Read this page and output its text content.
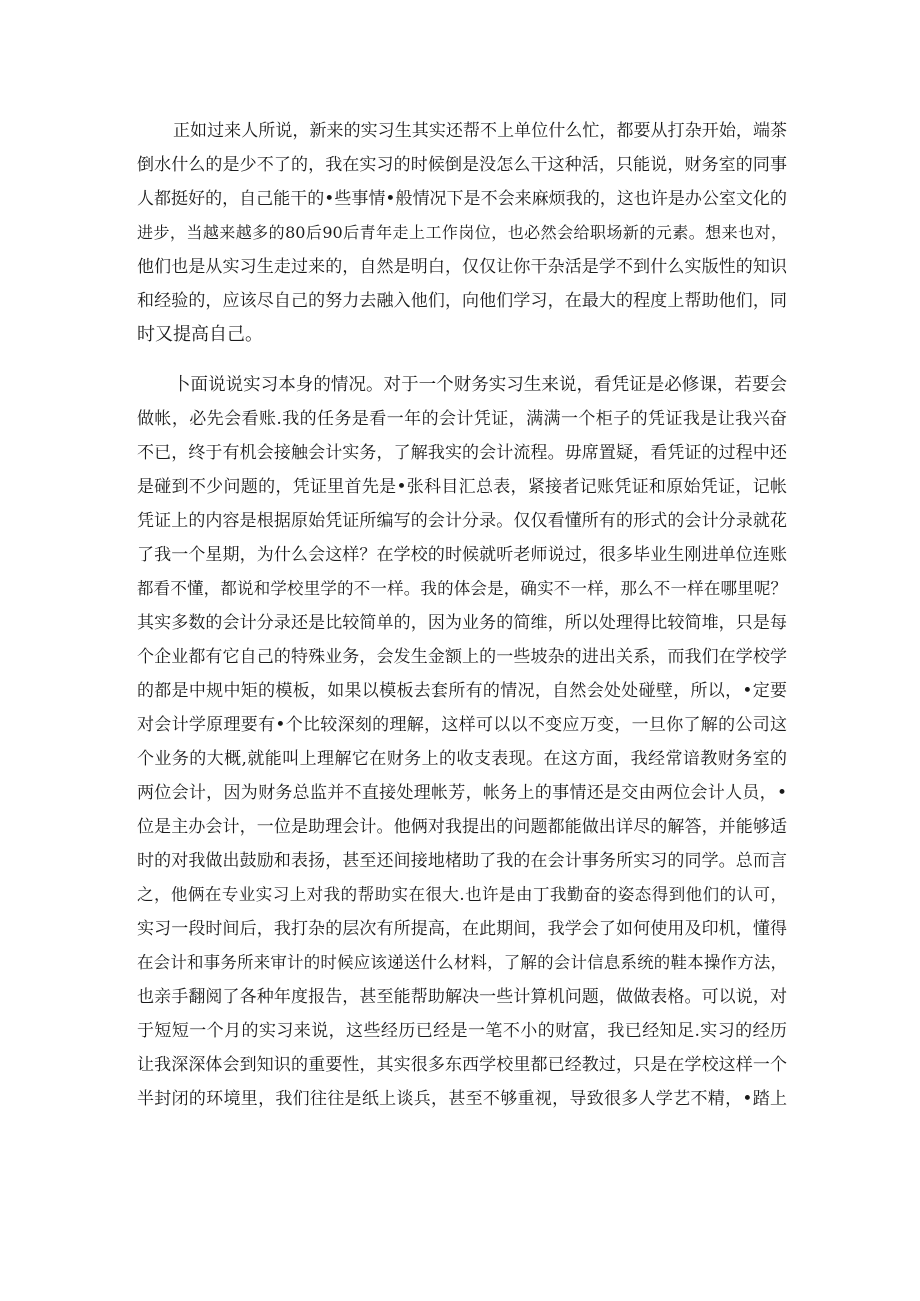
正如过来人所说，新来的实习生其实还帮不上单位什么忙，都要从打杂开始，端茶
倒水什么的是少不了的，我在实习的时候倒是没怎么干这种活，只能说，财务室的同事
人都挺好的，自己能干的•些事情•般情况下是不会来麻烦我的，这也许是办公室文化的
进步，当越来越多的80后90后青年走上工作岗位，也必然会给职场新的元素。想来也对，
他们也是从实习生走过来的，自然是明白，仅仅让你干杂活是学不到什么实版性的知识
和经验的，应该尽自己的努力去融入他们，向他们学习，在最大的程度上帮助他们，同
时又提高自己。
卜面说说实习本身的情况。对于一个财务实习生来说，看凭证是必修课，若要会
做帐，必先会看账.我的任务是看一年的会计凭证，满满一个柜子的凭证我是让我兴奋
不已，终于有机会接触会计实务，了解我实的会计流程。毋席置疑，看凭证的过程中还
是碰到不少问题的，凭证里首先是•张科目汇总表，紧接者记账凭证和原始凭证，记帐
凭证上的内容是根据原始凭证所编写的会计分录。仅仅看懂所有的形式的会计分录就花
了我一个星期，为什么会这样？在学校的时候就听老师说过，很多毕业生刚进单位连账
都看不懂，都说和学校里学的不一样。我的体会是，确实不一样，那么不一样在哪里呢？
其实多数的会计分录还是比较简单的，因为业务的简维，所以处理得比较简堆，只是每
个企业都有它自己的特殊业务，会发生金额上的一些坡杂的进出关系，而我们在学校学
的都是中规中矩的模板，如果以模板去套所有的情况，自然会处处碰壁，所以，•定要
对会计学原理要有•个比较深刻的理解，这样可以以不变应万变，一旦你了解的公司这
个业务的大概,就能叫上理解它在财务上的收支表现。在这方面，我经常谙教财务室的
两位会计，因为财务总监并不直接处理帐芳，帐务上的事情还是交由两位会计人员，•
位是主办会计，一位是助理会计。他俩对我提出的问题都能做出详尽的解答，并能够适
时的对我做出鼓励和表扬，甚至还间接地楮助了我的在会计事务所实习的同学。总而言
之，他俩在专业实习上对我的帮助实在很大.也许是由丁我勤奋的姿态得到他们的认可，
实习一段时间后，我打杂的层次有所提高，在此期间，我学会了如何使用及印机，懂得
在会计和事务所来审计的时候应该递送什么材料，了解的会计信息系统的鞋本操作方法，
也亲手翻阅了各种年度报告，甚至能帮助解决一些计算机问题，做做表格。可以说，对
于短短一个月的实习来说，这些经历已经是一笔不小的财富，我已经知足.实习的经历
让我深深体会到知识的重要性，其实很多东西学校里都已经教过，只是在学校这样一个
半封闭的环境里，我们往往是纸上谈兵，甚至不够重视，导致很多人学艺不精，•踏上
